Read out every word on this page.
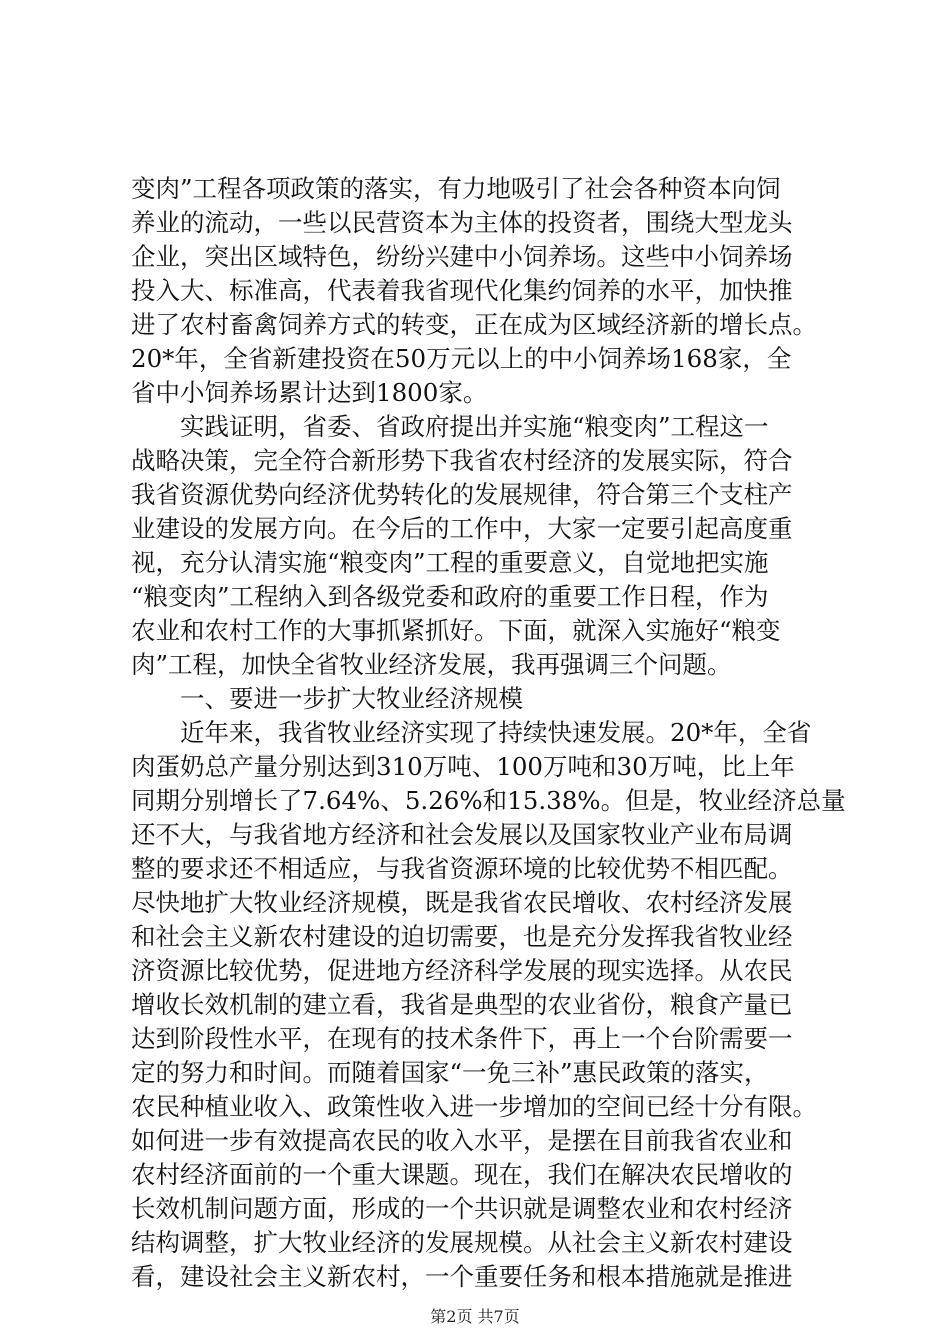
变肉”工程各项政策的落实，有力地吸引了社会各种资本向饲
养业的流动，一些以民营资本为主体的投资者，围绕大型龙头
企业，突出区域特色，纷纷兴建中小饲养场。这些中小饲养场
投入大、标准高，代表着我省现代化集约饲养的水平，加快推
进了农村畜禽饲养方式的转变，正在成为区域经济新的增长点。
20*年，全省新建投资在50万元以上的中小饲养场168家，全
省中小饲养场累计达到1800家。
　　实践证明，省委、省政府提出并实施“粮变肉”工程这一
战略决策，完全符合新形势下我省农村经济的发展实际，符合
我省资源优势向经济优势转化的发展规律，符合第三个支柱产
业建设的发展方向。在今后的工作中，大家一定要引起高度重
视，充分认清实施“粮变肉”工程的重要意义，自觉地把实施
“粮变肉”工程纳入到各级党委和政府的重要工作日程，作为
农业和农村工作的大事抓紧抓好。下面，就深入实施好“粮变
肉”工程，加快全省牧业经济发展，我再强调三个问题。
　　一、要进一步扩大牧业经济规模
　　近年来，我省牧业经济实现了持续快速发展。20*年，全省
肉蛋奶总产量分别达到310万吨、100万吨和30万吨，比上年
同期分别增长了7.64%、5.26%和15.38%。但是，牧业经济总量
还不大，与我省地方经济和社会发展以及国家牧业产业布局调
整的要求还不相适应，与我省资源环境的比较优势不相匹配。
尽快地扩大牧业经济规模，既是我省农民增收、农村经济发展
和社会主义新农村建设的迫切需要，也是充分发挥我省牧业经
济资源比较优势，促进地方经济科学发展的现实选择。从农民
增收长效机制的建立看，我省是典型的农业省份，粮食产量已
达到阶段性水平，在现有的技术条件下，再上一个台阶需要一
定的努力和时间。而随着国家“一免三补”惠民政策的落实，
农民种植业收入、政策性收入进一步增加的空间已经十分有限。
如何进一步有效提高农民的收入水平，是摆在目前我省农业和
农村经济面前的一个重大课题。现在，我们在解决农民增收的
长效机制问题方面，形成的一个共识就是调整农业和农村经济
结构调整，扩大牧业经济的发展规模。从社会主义新农村建设
看，建设社会主义新农村，一个重要任务和根本措施就是推进
第2页 共7页
